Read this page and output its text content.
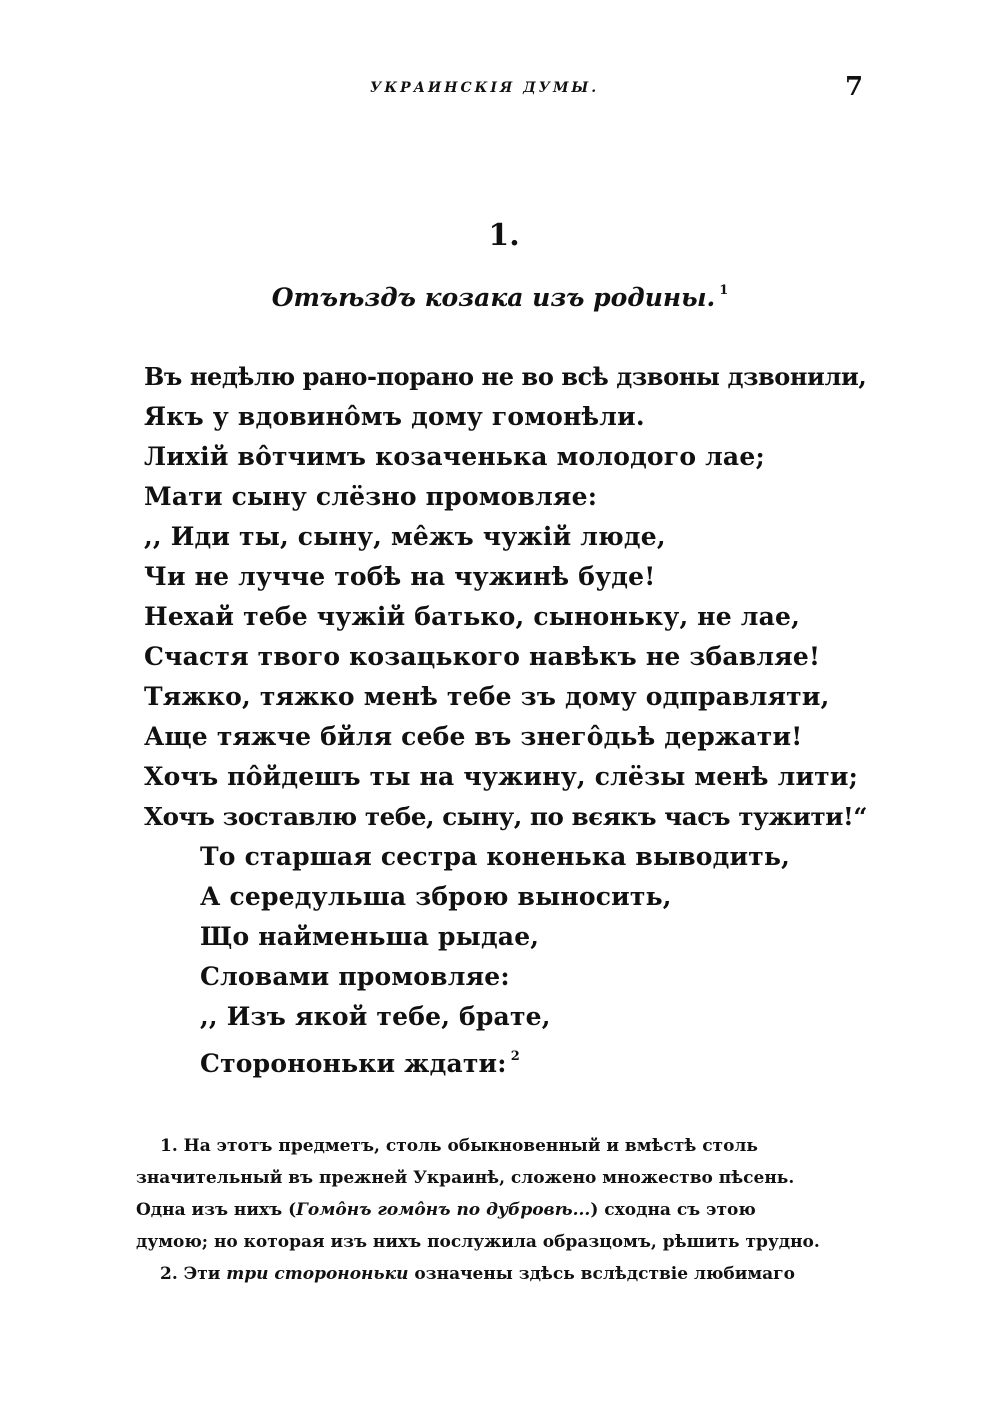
УКРАИНСКІЯ ДУМЫ.	7
1.
Отъѣздъ козака изъ родины. $^1$
Въ недѣлю рано-порано не во всѣ дзвоны дзвонили,
Якъ у вдовинôмъ дому гомонѣли.
Лихій вôтчимъ козаченька молодого лае;
Мати сыну слёзно промовляе:
,, Иди ты, сыну, мêжъ чужій люде,
Чи не лучче тобѣ на чужинѣ буде!
Нехай тебе чужій батько, сыноньку, не лае,
Счастя твого козацького навѣкъ не збавляе!
Тяжко, тяжко менѣ тебе зъ дому одправляти,
Аще тяжче бйля себе въ знегôдьѣ держати!
Хочъ пôйдешъ ты на чужину, слёзы менѣ лити;
Хочъ зоставлю тебе, сыну, по вєякъ часъ тужити!“
То старшая сестра коненька выводить,
А середульша зброю выносить,
Що найменьша рыдае,
Словами промовляе:
,, Изъ якой тебе, брате,
Сторононьки ждати: $^2$
1. На этотъ предметъ, столь обыкновенный и вмѣстѣ столь
значительный въ прежней Украинѣ, сложено множество пѣсень.
Одна изъ нихъ (Гомôнъ гомôнъ по дубровѣ...) сходна съ этою
думою; но которая изъ нихъ послужила образцомъ, рѣшить трудно.
2. Эти три сторононьки означены здѣсь вслѣдствіе любимаго
